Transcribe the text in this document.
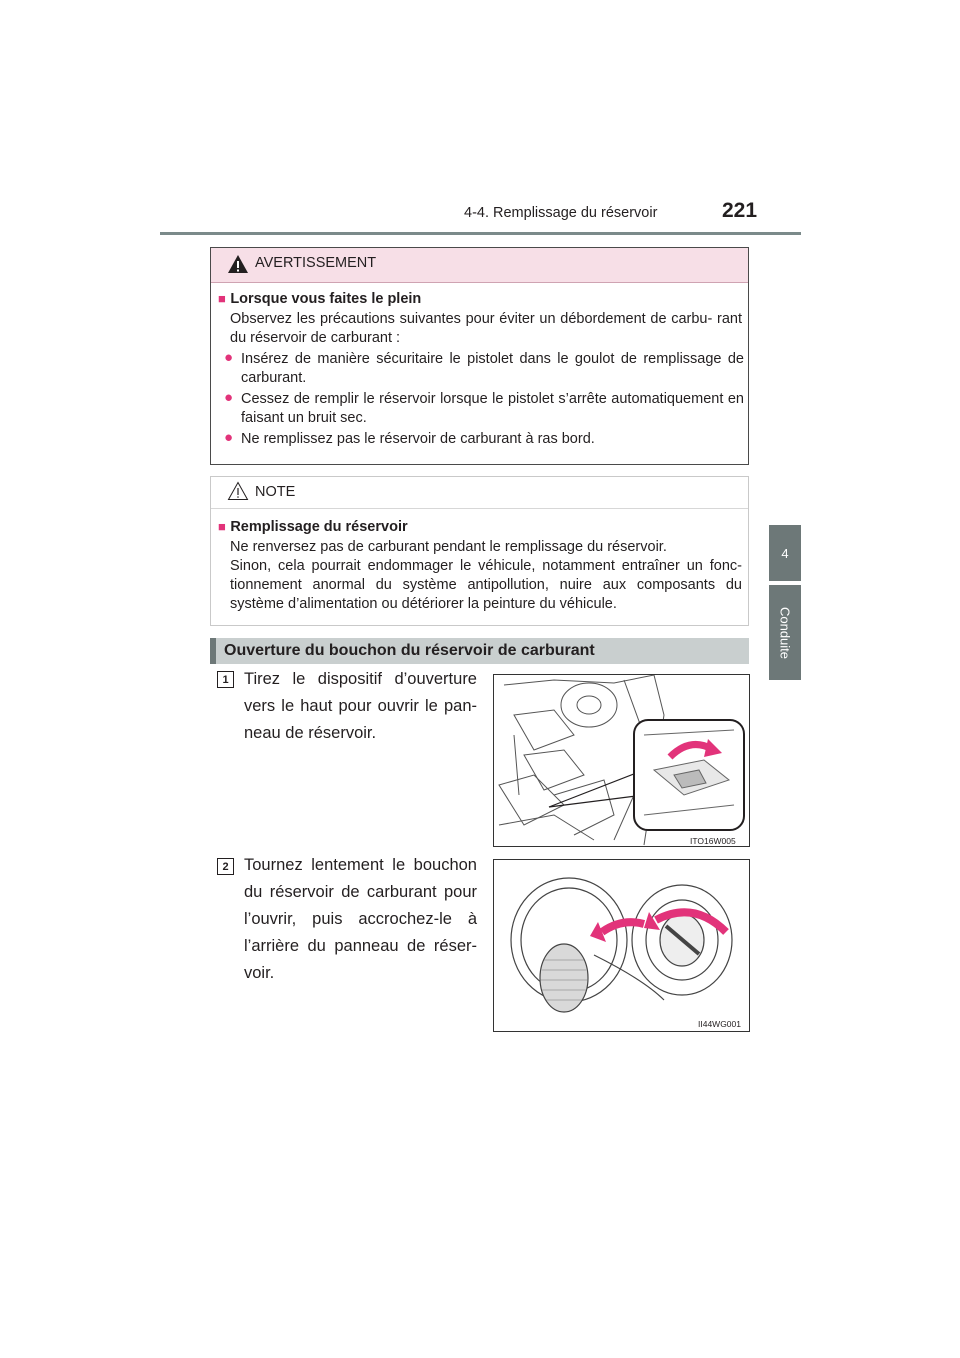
4-4. Remplissage du réservoir	221
4
Conduite
AVERTISSEMENT
■ Lorsque vous faites le plein
Observez les précautions suivantes pour éviter un débordement de carbu- rant du réservoir de carburant :
● Insérez de manière sécuritaire le pistolet dans le goulot de remplissage de carburant.
● Cessez de remplir le réservoir lorsque le pistolet s’arrête automatiquement en faisant un bruit sec.
● Ne remplissez pas le réservoir de carburant à ras bord.
NOTE
■ Remplissage du réservoir
Ne renversez pas de carburant pendant le remplissage du réservoir.
Sinon, cela pourrait endommager le véhicule, notamment entraîner un fonc- tionnement anormal du système antipollution, nuire aux composants du système d’alimentation ou détériorer la peinture du véhicule.
Ouverture du bouchon du réservoir de carburant
1 Tirez le dispositif d’ouverture vers le haut pour ouvrir le pan- neau de réservoir.
ITO16W005
2 Tournez lentement le bouchon du réservoir de carburant pour l’ouvrir, puis accrochez-le à l’arrière du panneau de réser- voir.
II44WG001
